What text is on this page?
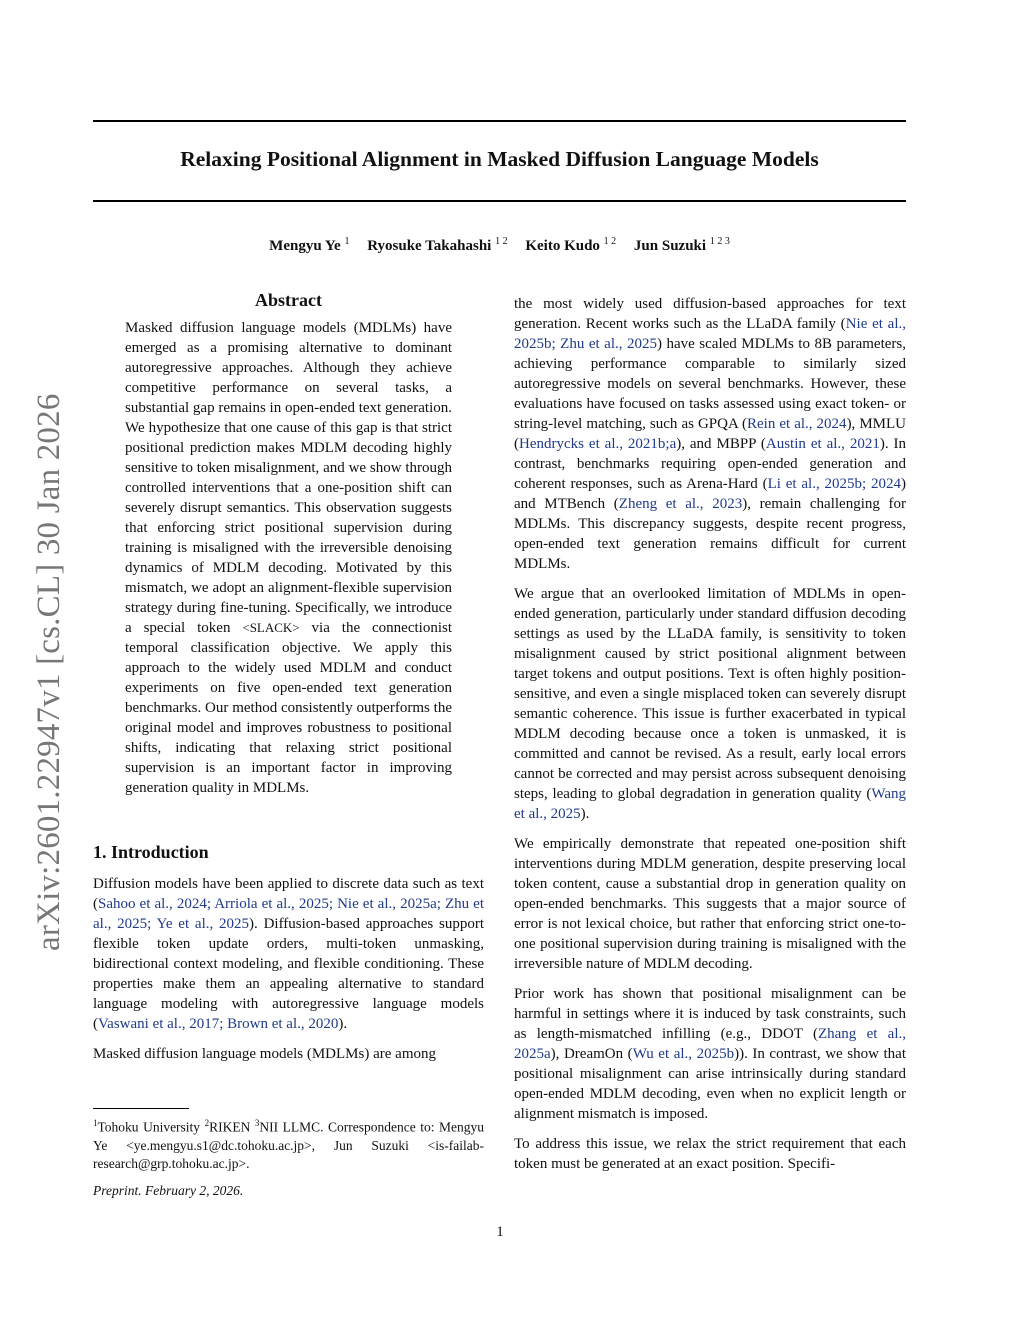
arXiv:2601.22947v1 [cs.CL] 30 Jan 2026
Relaxing Positional Alignment in Masked Diffusion Language Models
Mengyu Ye $^1$ Ryosuke Takahashi $^{1 2}$ Keito Kudo $^{1 2}$ Jun Suzuki $^{1 2 3}$
Abstract
Masked diffusion language models (MDLMs) have emerged as a promising alternative to dominant autoregressive approaches. Although they achieve competitive performance on several tasks, a substantial gap remains in open-ended text generation. We hypothesize that one cause of this gap is that strict positional prediction makes MDLM decoding highly sensitive to token misalignment, and we show through controlled interventions that a one-position shift can severely disrupt semantics. This observation suggests that enforcing strict positional supervision during training is misaligned with the irreversible denoising dynamics of MDLM decoding. Motivated by this mismatch, we adopt an alignment-flexible supervision strategy during fine-tuning. Specifically, we introduce a special token <SLACK> via the connectionist temporal classification objective. We apply this approach to the widely used MDLM and conduct experiments on five open-ended text generation benchmarks. Our method consistently outperforms the original model and improves robustness to positional shifts, indicating that relaxing strict positional supervision is an important factor in improving generation quality in MDLMs.
1. Introduction

Diffusion models have been applied to discrete data such as text (Sahoo et al., 2024; Arriola et al., 2025; Nie et al., 2025a; Zhu et al., 2025; Ye et al., 2025). Diffusion-based approaches support flexible token update orders, multi-token unmasking, bidirectional context modeling, and flexible conditioning. These properties make them an appealing alternative to standard language modeling with autoregressive language models (Vaswani et al., 2017; Brown et al., 2020).

Masked diffusion language models (MDLMs) are among

the most widely used diffusion-based approaches for text generation. Recent works such as the LLaDA family (Nie et al., 2025b; Zhu et al., 2025) have scaled MDLMs to 8B parameters, achieving performance comparable to similarly sized autoregressive models on several benchmarks. However, these evaluations have focused on tasks assessed using exact token- or string-level matching, such as GPQA (Rein et al., 2024), MMLU (Hendrycks et al., 2021b;a), and MBPP (Austin et al., 2021). In contrast, benchmarks requiring open-ended generation and coherent responses, such as Arena-Hard (Li et al., 2025b; 2024) and MTBench (Zheng et al., 2023), remain challenging for MDLMs. This discrepancy suggests, despite recent progress, open-ended text generation remains difficult for current MDLMs.

We argue that an overlooked limitation of MDLMs in open-ended generation, particularly under standard diffusion decoding settings as used by the LLaDA family, is sensitivity to token misalignment caused by strict positional alignment between target tokens and output positions. Text is often highly position-sensitive, and even a single misplaced token can severely disrupt semantic coherence. This issue is further exacerbated in typical MDLM decoding because once a token is unmasked, it is committed and cannot be revised. As a result, early local errors cannot be corrected and may persist across subsequent denoising steps, leading to global degradation in generation quality (Wang et al., 2025).

We empirically demonstrate that repeated one-position shift interventions during MDLM generation, despite preserving local token content, cause a substantial drop in generation quality on open-ended benchmarks. This suggests that a major source of error is not lexical choice, but rather that enforcing strict one-to-one positional supervision during training is misaligned with the irreversible nature of MDLM decoding.

Prior work has shown that positional misalignment can be harmful in settings where it is induced by task constraints, such as length-mismatched infilling (e.g., DDOT (Zhang et al., 2025a), DreamOn (Wu et al., 2025b)). In contrast, we show that positional misalignment can arise intrinsically during standard open-ended MDLM decoding, even when no explicit length or alignment mismatch is imposed.

To address this issue, we relax the strict requirement that each token must be generated at an exact position. Specifi-

$^1$Tohoku University $^2$RIKEN $^3$NII LLMC. Correspondence to: Mengyu Ye <ye.mengyu.s1@dc.tohoku.ac.jp>, Jun Suzuki <is-failab-research@grp.tohoku.ac.jp>.
Preprint. February 2, 2026.
1
